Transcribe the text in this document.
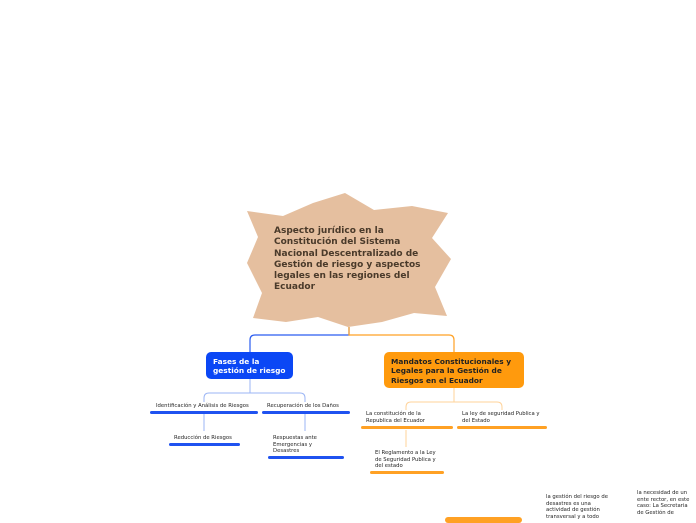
Aspecto jurídico en la Constitución del Sistema Nacional Descentralizado de Gestión de riesgo y aspectos legales en las regiones del Ecuador
Fases de la gestión de riesgo
Mandatos Constitucionales y Legales para la Gestión de Riesgos en el Ecuador
Identificación y Análisis de Riesgos	Recuperación de los Daños
Reducción de Riesgos	Respuestas ante Emergencias y Desastres
La constitución de la Republica del Ecuador
La ley de seguridad Publica y del Estado
El Reglamento a la Ley de Seguridad Publica y del estado
la gestión del riesgo de desastres es una actividad de gestión transversal y a todo
la necesidad de un ente rector, en este caso: La Secretaria de Gestión de
